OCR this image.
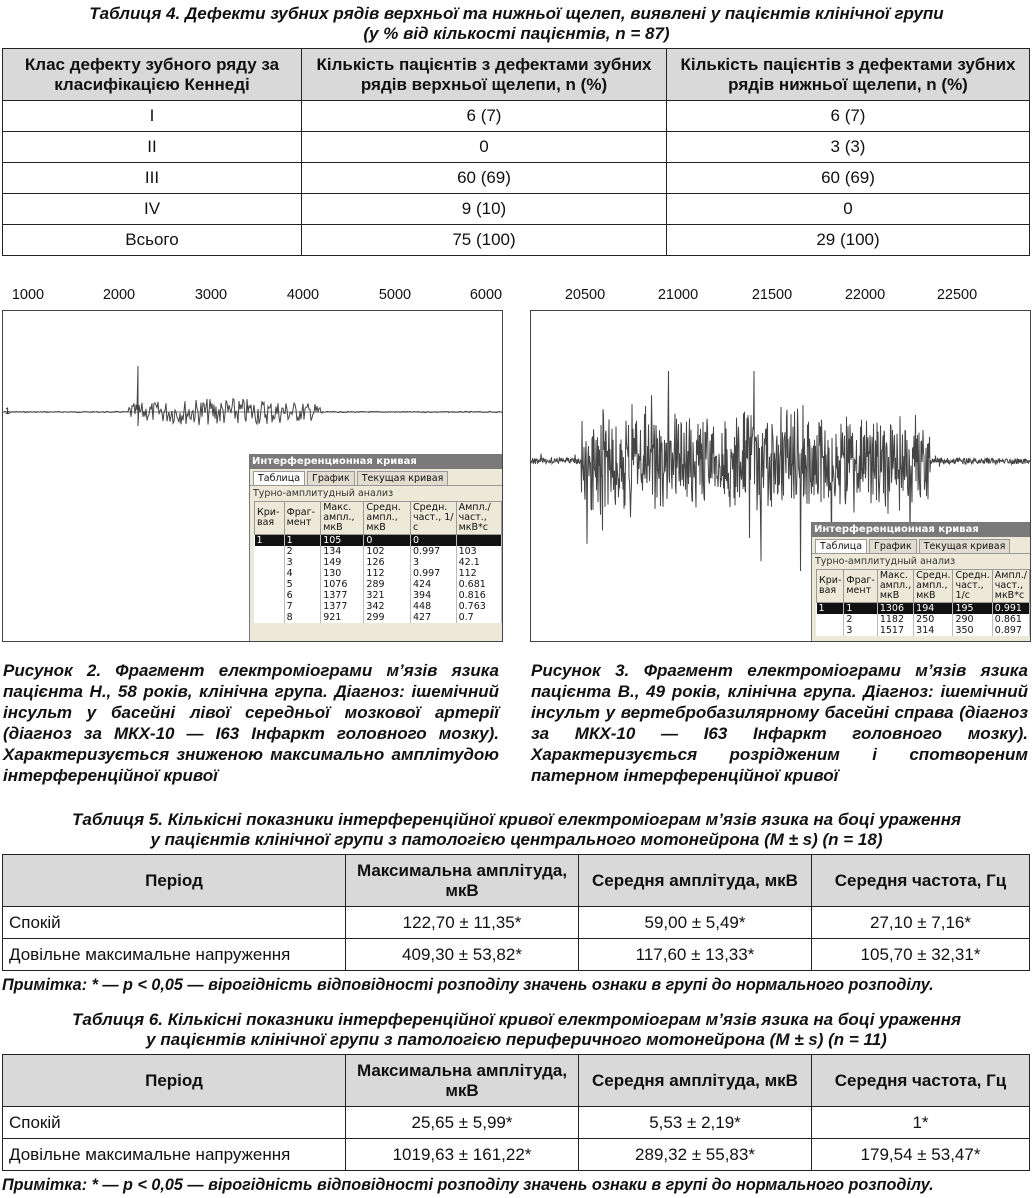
Таблиця 4. Дефекти зубних рядів верхньої та нижньої щелеп, виявлені у пацієнтів клінічної групи
(у % від кількості пацієнтів, n = 87)
Клас дефекту зубного ряду за класифікацією Кеннеді	Кількість пацієнтів з дефектами зубних рядів верхньої щелепи, n (%)	Кількість пацієнтів з дефектами зубних рядів нижньої щелепи, n (%)
I	6 (7)	6 (7)
II	0	3 (3)
III	60 (69)	60 (69)
IV	9 (10)	0
Всього	75 (100)	29 (100)
1000	2000	3000	4000	5000	6000
1
Интерференционная кривая
Таблица	График	Текущая кривая
Турно-амплитудный анализ
Кри-вая	Фраг-мент	Макс. ампл., мкВ	Средн. ампл., мкВ	Средн. част., 1/с	Ампл./ част., мкВ*с
1	1	105	0	0	
	2	134	102	0.997	103
	3	149	126	3	42.1
	4	130	112	0.997	112
	5	1076	289	424	0.681
	6	1377	321	394	0.816
	7	1377	342	448	0.763
	8	921	299	427	0.7
Рисунок 2. Фрагмент електроміограми м’язів язика пацієнта Н., 58 років, клінічна група. Діагноз: ішемічний інсульт у басейні лівої середньої мозкової артерії (діагноз за МКХ-10 — I63 Інфаркт головного мозку). Характеризується зниженою максимально амплітудою інтерференційної кривої
20500	21000	21500	22000	22500
Интерференционная кривая
Таблица	График	Текущая кривая
Турно-амплитудный анализ
Кри-вая	Фраг-мент	Макс. ампл., мкВ	Средн. ампл., мкВ	Средн. част., 1/с	Ампл./ част., мкВ*с
1	1	1306	194	195	0.991
	2	1182	250	290	0.861
	3	1517	314	350	0.897
Рисунок 3. Фрагмент електроміограми м’язів язика пацієнта В., 49 років, клінічна група. Діагноз: ішемічний інсульт у вертебробазилярному басейні справа (діагноз за МКХ-10 — I63 Інфаркт головного мозку). Характеризується розрідженим і спотвореним патерном інтерференційної кривої
Таблиця 5. Кількісні показники інтерференційної кривої електроміограм м’язів язика на боці ураження
у пацієнтів клінічної групи з патологією центрального мотонейрона (M ± s) (n = 18)
Період	Максимальна амплітуда, мкВ	Середня амплітуда, мкВ	Середня частота, Гц
Спокій	122,70 ± 11,35*	59,00 ± 5,49*	27,10 ± 7,16*
Довільне максимальне напруження	409,30 ± 53,82*	117,60 ± 13,33*	105,70 ± 32,31*
Примітка: * — p < 0,05 — вірогідність відповідності розподілу значень ознаки в групі до нормального розподілу.
Таблиця 6. Кількісні показники інтерференційної кривої електроміограм м’язів язика на боці ураження
у пацієнтів клінічної групи з патологією периферичного мотонейрона (M ± s) (n = 11)
Період	Максимальна амплітуда, мкВ	Середня амплітуда, мкВ	Середня частота, Гц
Спокій	25,65 ± 5,99*	5,53 ± 2,19*	1*
Довільне максимальне напруження	1019,63 ± 161,22*	289,32 ± 55,83*	179,54 ± 53,47*
Примітка: * — p < 0,05 — вірогідність відповідності розподілу значень ознаки в групі до нормального розподілу.
